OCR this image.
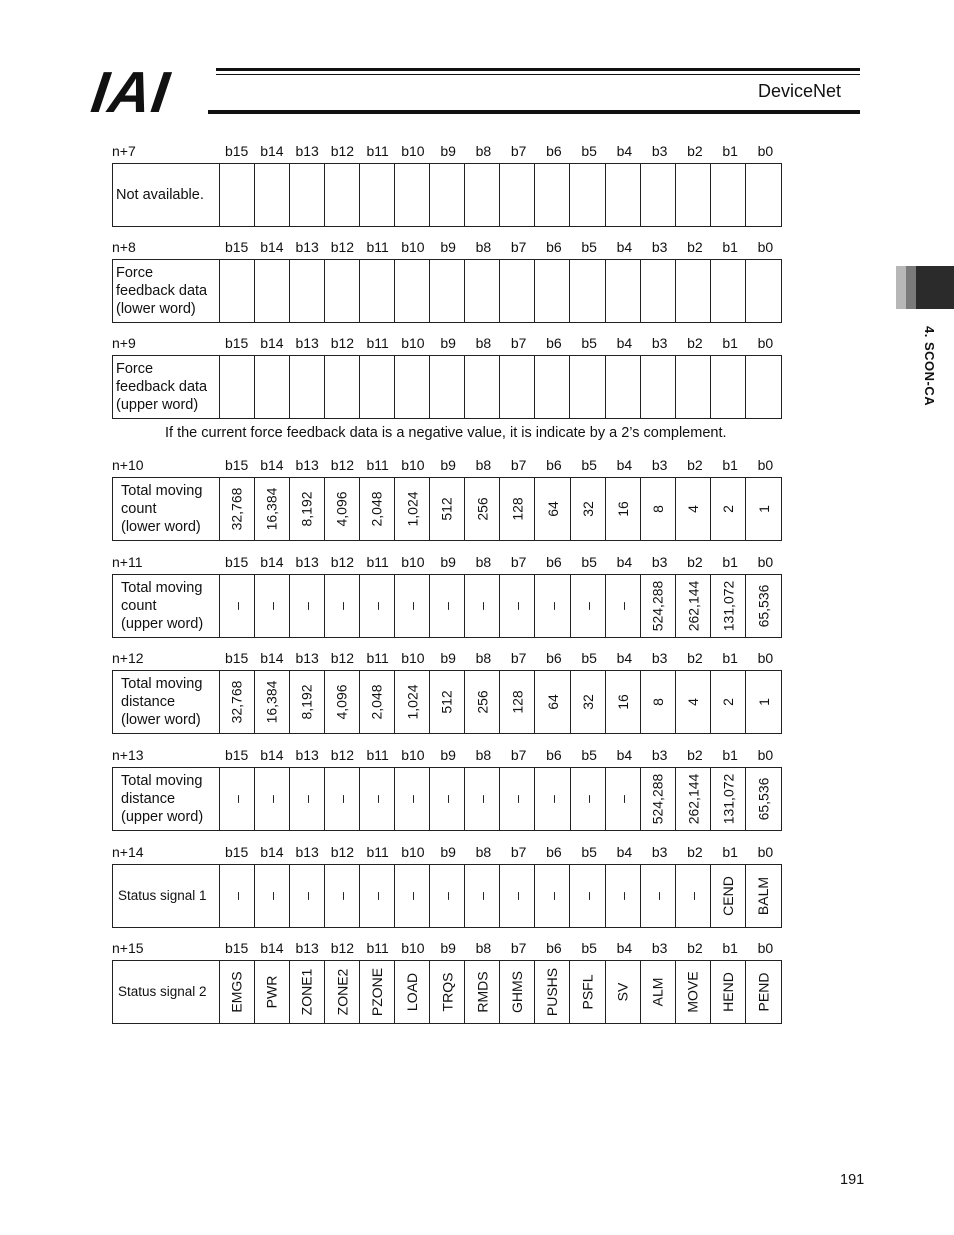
IAI	DeviceNet
4. SCON-CA
n+7	b15 b14 b13 b12 b11 b10	b9	b8	b7	b6	b5	b4	b3	b2	b1	b0
Not available.
n+8	b15 b14 b13 b12 b11 b10	b9	b8	b7	b6	b5	b4	b3	b2	b1	b0
Force
feedback data
(lower word)
n+9	b15 b14 b13 b12 b11 b10	b9	b8	b7	b6	b5	b4	b3	b2	b1	b0
Force
feedback data
(upper word)
n+10	b15 b14 b13 b12 b11 b10	b9	b8	b7	b6	b5	b4	b3	b2	b1	b0
Total moving
count
(lower word)	32,768 16,384 8,192 4,096 2,048 1,024 512 256 128 64 32 16 8 4 2 1
n+11	b15 b14 b13 b12 b11 b10	b9	b8	b7	b6	b5	b4	b3	b2	b1	b0
Total moving
count
(upper word)
– – – – – – – – – – – – 524,288 262,144 131,072 65,536
n+12	b15 b14 b13 b12 b11 b10	b9	b8	b7	b6	b5	b4	b3	b2	b1	b0
Total moving
distance
(lower word)	32,768 16,384 8,192 4,096 2,048 1,024 512 256 128 64 32 16 8 4 2 1
n+13	b15 b14 b13 b12 b11 b10	b9	b8	b7	b6	b5	b4	b3	b2	b1	b0
Total moving
distance
(upper word)
– – – – – – – – – – – – 524,288 262,144 131,072 65,536
n+14	b15 b14 b13 b12 b11 b10	b9	b8	b7	b6	b5	b4	b3	b2	b1	b0
Status signal 1	– – – – – – – – – – – – – – CEND BALM
n+15	b15 b14 b13 b12 b11 b10	b9	b8	b7	b6	b5	b4	b3	b2	b1	b0
Status signal 2	EMGS PWR ZONE1 ZONE2 PZONE LOAD TRQS RMDS GHMS PUSHS PSFL SV ALM MOVE HEND PEND
If the current force feedback data is a negative value, it is indicate by a 2’s complement.
191
